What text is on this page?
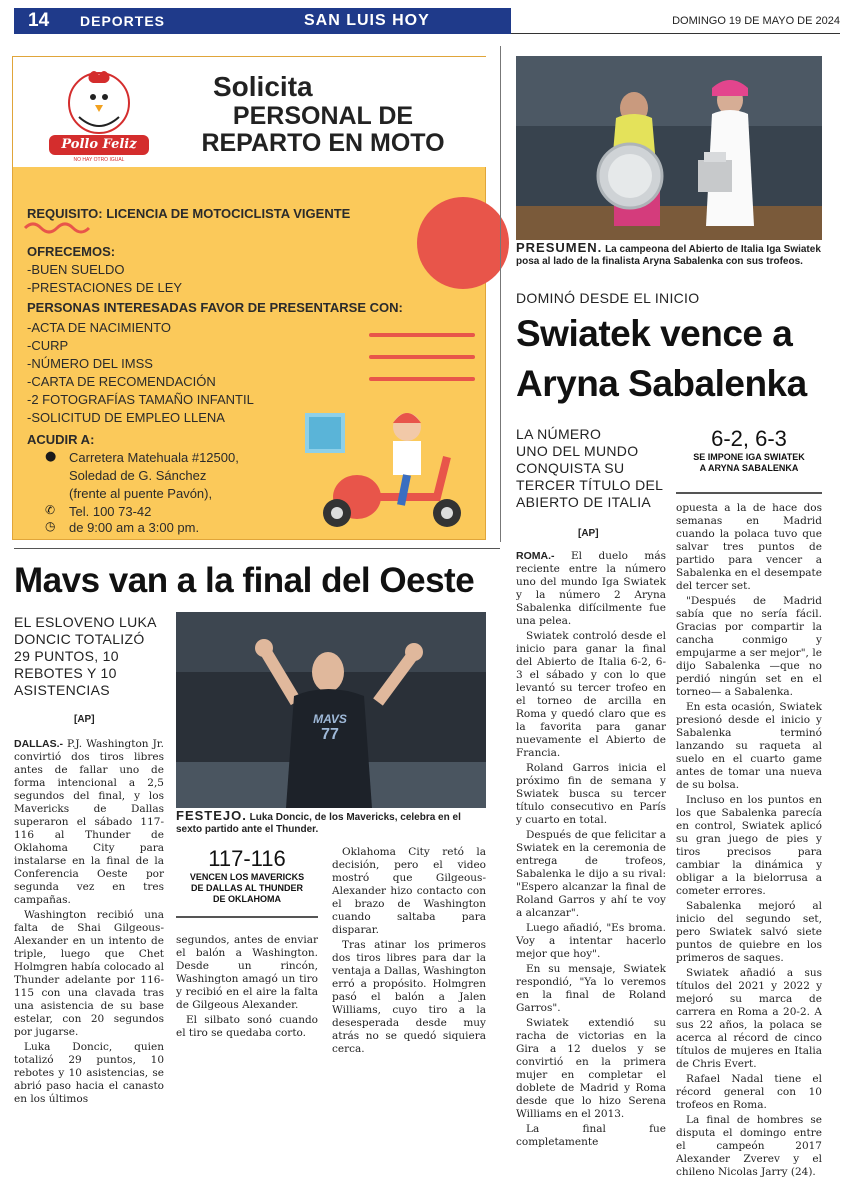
14 DEPORTES	SAN LUIS HOY	DOMINGO 19 DE MAYO DE 2024
Pollo Feliz
NO HAY OTRO IGUAL
Solicita
PERSONAL DE REPARTO EN MOTO
REQUISITO: LICENCIA DE MOTOCICLISTA VIGENTE
OFRECEMOS:
-BUEN SUELDO
-PRESTACIONES DE LEY
PERSONAS INTERESADAS FAVOR DE PRESENTARSE CON:
-ACTA DE NACIMIENTO
-CURP
-NÚMERO DEL IMSS
-CARTA DE RECOMENDACIÓN
-2 FOTOGRAFÍAS TAMAÑO INFANTIL
-SOLICITUD DE EMPLEO LLENA
ACUDIR A:
● Carretera Matehuala #12500,
Soledad de G. Sánchez
(frente al puente Pavón),
✆ Tel. 100 73-42
◷ de 9:00 am a 3:00 pm.
PRESUMEN. La campeona del Abierto de Italia Iga Swiatek posa al lado de la finalista Aryna Sabalenka con sus trofeos.
DOMINÓ DESDE EL INICIO
Swiatek vence a
Aryna Sabalenka
LA NÚMERO
UNO DEL MUNDO
CONQUISTA SU
TERCER TÍTULO DEL
ABIERTO DE ITALIA
6-2, 6-3
SE IMPONE IGA SWIATEK
A ARYNA SABALENKA
[AP]

ROMA.- El duelo más reciente entre la número uno del mundo Iga Swiatek y la número 2 Aryna Sabalenka difícilmente fue una pelea.

Swiatek controló desde el inicio para ganar la final del Abierto de Italia 6-2, 6-3 el sábado y con lo que levantó su tercer trofeo en el torneo de arcilla en Roma y quedó claro que es la favorita para ganar nuevamente el Abierto de Francia.

Roland Garros inicia el próximo fin de semana y Swiatek busca su tercer título consecutivo en París y cuarto en total.

Después de que felicitar a Swiatek en la ceremonia de entrega de trofeos, Sabalenka le dijo a su rival: "Espero alcanzar la final de Roland Garros y ahí te voy a alcanzar".

Luego añadió, "Es broma. Voy a intentar hacerlo mejor que hoy".

En su mensaje, Swiatek respondió, "Ya lo veremos en la final de Roland Garros".

Swiatek extendió su racha de victorias en la Gira a 12 duelos y se convirtió en la primera mujer en completar el doblete de Madrid y Roma desde que lo hizo Serena Williams en el 2013.

La final fue completamente

opuesta a la de hace dos semanas en Madrid cuando la polaca tuvo que salvar tres puntos de partido para vencer a Sabalenka en el desempate del tercer set.

"Después de Madrid sabía que no sería fácil. Gracias por compartir la cancha conmigo y empujarme a ser mejor", le dijo Sabalenka —que no perdió ningún set en el torneo— a Sabalenka.

En esta ocasión, Swiatek presionó desde el inicio y Sabalenka terminó lanzando su raqueta al suelo en el cuarto game antes de tomar una nueva de su bolsa.

Incluso en los puntos en los que Sabalenka parecía en control, Swiatek aplicó su gran juego de pies y tiros precisos para cambiar la dinámica y obligar a la bielorrusa a cometer errores.

Sabalenka mejoró al inicio del segundo set, pero Swiatek salvó siete puntos de quiebre en los primeros de saques.

Swiatek añadió a sus títulos del 2021 y 2022 y mejoró su marca de carrera en Roma a 20-2. A sus 22 años, la polaca se acerca al récord de cinco títulos de mujeres en Italia de Chris Evert.

Rafael Nadal tiene el récord general con 10 trofeos en Roma.

La final de hombres se disputa el domingo entre el campeón 2017 Alexander Zverev y el chileno Nicolas Jarry (24).

Mavs van a la final del Oeste
EL ESLOVENO LUKA
DONCIC TOTALIZÓ
29 PUNTOS, 10
REBOTES Y 10
ASISTENCIAS
[AP]	MAVS
77
FESTEJO. Luka Doncic, de los Mavericks, celebra en el sexto partido ante el Thunder.
117-116
VENCEN LOS MAVERICKS
DE DALLAS AL THUNDER
DE OKLAHOMA

DALLAS.- P.J. Washington Jr. convirtió dos tiros libres antes de fallar uno de forma intencional a 2,5 segundos del final, y los Mavericks de Dallas superaron el sábado 117-116 al Thunder de Oklahoma City para instalarse en la final de la Conferencia Oeste por segunda vez en tres campañas.

Washington recibió una falta de Shai Gilgeous-Alexander en un intento de triple, luego que Chet Holmgren había colocado al Thunder adelante por 116-115 con una clavada tras una asistencia de su base estelar, con 20 segundos por jugarse.

Luka Doncic, quien totalizó 29 puntos, 10 rebotes y 10 asistencias, se abrió paso hacia el canasto en los últimos

segundos, antes de enviar el balón a Washington. Desde un rincón, Washington amagó un tiro y recibió en el aire la falta de Gilgeous Alexander.

El silbato sonó cuando el tiro se quedaba corto.

Oklahoma City retó la decisión, pero el video mostró que Gilgeous-Alexander hizo contacto con el brazo de Washington cuando saltaba para disparar.

Tras atinar los primeros dos tiros libres para dar la ventaja a Dallas, Washington erró a propósito. Holmgren pasó el balón a Jalen Williams, cuyo tiro a la desesperada desde muy atrás no se quedó siquiera cerca.
